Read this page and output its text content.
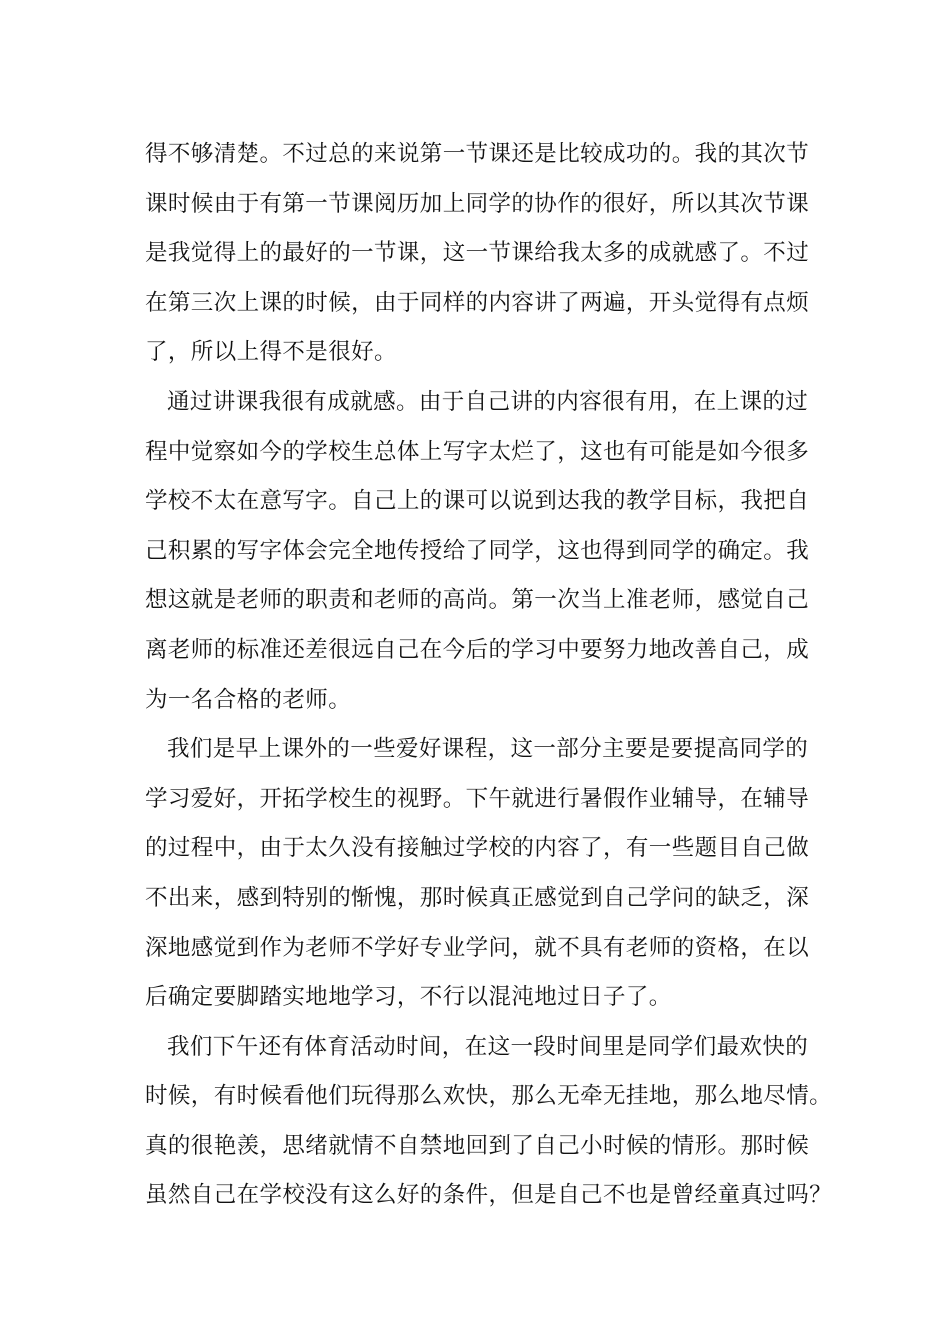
得不够清楚。不过总的来说第一节课还是比较成功的。我的其次节
课时候由于有第一节课阅历加上同学的协作的很好，所以其次节课
是我觉得上的最好的一节课，这一节课给我太多的成就感了。不过
在第三次上课的时候，由于同样的内容讲了两遍，开头觉得有点烦
了，所以上得不是很好。
通过讲课我很有成就感。由于自己讲的内容很有用，在上课的过
程中觉察如今的学校生总体上写字太烂了，这也有可能是如今很多
学校不太在意写字。自己上的课可以说到达我的教学目标，我把自
己积累的写字体会完全地传授给了同学，这也得到同学的确定。我
想这就是老师的职责和老师的高尚。第一次当上准老师，感觉自己
离老师的标准还差很远自己在今后的学习中要努力地改善自己，成
为一名合格的老师。
我们是早上课外的一些爱好课程，这一部分主要是要提高同学的
学习爱好，开拓学校生的视野。下午就进行暑假作业辅导，在辅导
的过程中，由于太久没有接触过学校的内容了，有一些题目自己做
不出来，感到特别的惭愧，那时候真正感觉到自己学问的缺乏，深
深地感觉到作为老师不学好专业学问，就不具有老师的资格，在以
后确定要脚踏实地地学习，不行以混沌地过日子了。
我们下午还有体育活动时间，在这一段时间里是同学们最欢快的
时候，有时候看他们玩得那么欢快，那么无牵无挂地，那么地尽情。
真的很艳羡，思绪就情不自禁地回到了自己小时候的情形。那时候
虽然自己在学校没有这么好的条件，但是自己不也是曾经童真过吗？
